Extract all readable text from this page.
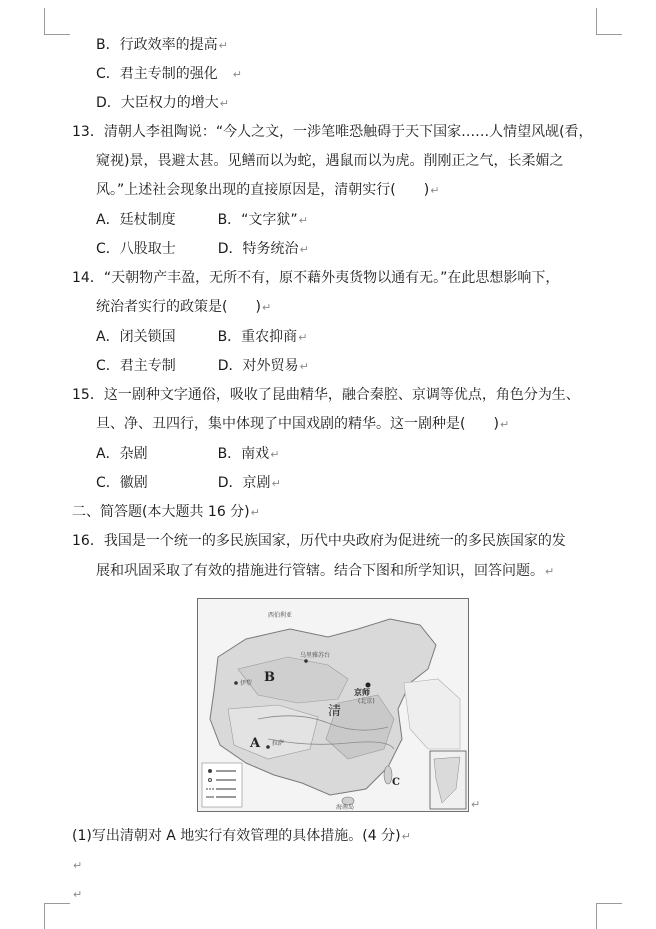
B．行政效率的提高↵
C．君主专制的强化　↵
D．大臣权力的增大↵
13．清朝人李祖陶说：“今人之文，一涉笔唯恐触碍于天下国家……人情望风觇(看，
窥视)景，畏避太甚。见鳝而以为蛇，遇鼠而以为虎。削刚正之气，长柔媚之
风。”上述社会现象出现的直接原因是，清朝实行(　　)↵
A．廷杖制度　　　B．“文字狱”↵
C．八股取士　　　D．特务统治↵
14．“天朝物产丰盈，无所不有，原不藉外夷货物以通有无。”在此思想影响下，
统治者实行的政策是(　　)↵
A．闭关锁国　　　B．重农抑商↵
C．君主专制　　　D．对外贸易↵
15．这一剧种文字通俗，吸收了昆曲精华，融合秦腔、京调等优点，角色分为生、
旦、净、丑四行，集中体现了中国戏剧的精华。这一剧种是(　　)↵
A．杂剧　　　　　B．南戏↵
C．徽剧　　　　　D．京剧↵
二、简答题(本大题共 16 分)↵
16．我国是一个统一的多民族国家，历代中央政府为促进统一的多民族国家的发
展和巩固采取了有效的措施进行管辖。结合下图和所学知识，回答问题。↵
B
A
C
清
京师
(北京)
西伯利亚
乌里雅苏台
伊犁
拉萨
海南岛	↵
(1)写出清朝对 A 地实行有效管理的具体措施。(4 分)↵
↵
↵
